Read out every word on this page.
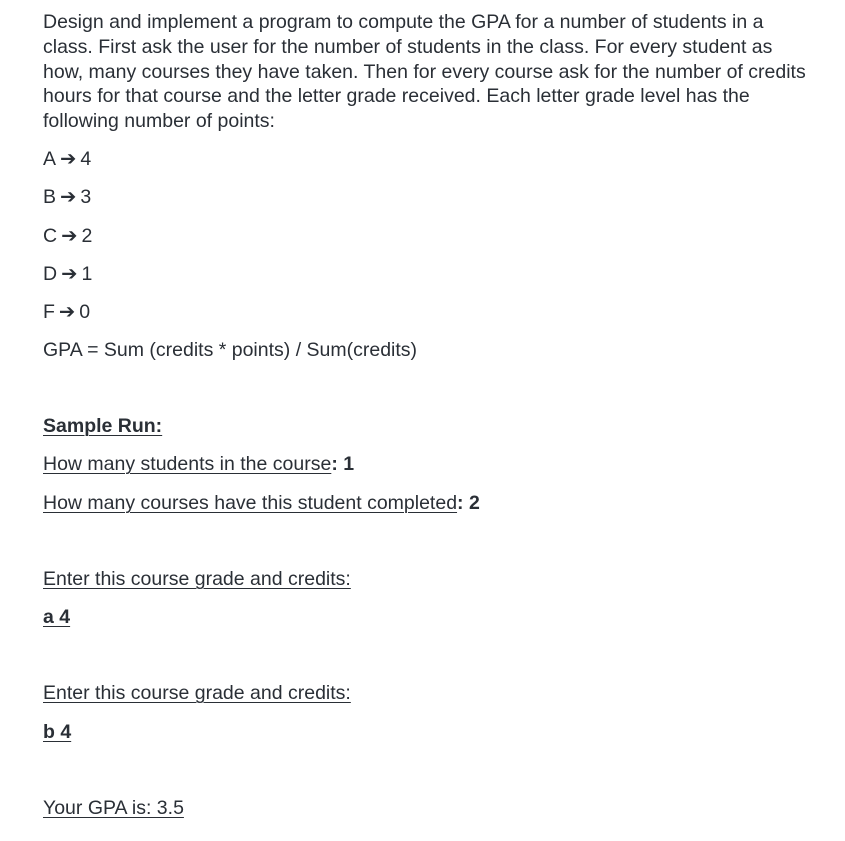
Design and implement a program to compute the GPA for a number of students in a class. First ask the user for the number of students in the class. For every student as how, many courses they have taken. Then for every course ask for the number of credits hours for that course and the letter grade received. Each letter grade level has the following number of points:

A ➔ 4
B ➔ 3
C ➔ 2
D ➔ 1
F ➔ 0
GPA = Sum (credits * points) / Sum(credits)
Sample Run:
How many students in the course: 1
How many courses have this student completed: 2
Enter this course grade and credits:
a 4
Enter this course grade and credits:
b 4
Your GPA is: 3.5
